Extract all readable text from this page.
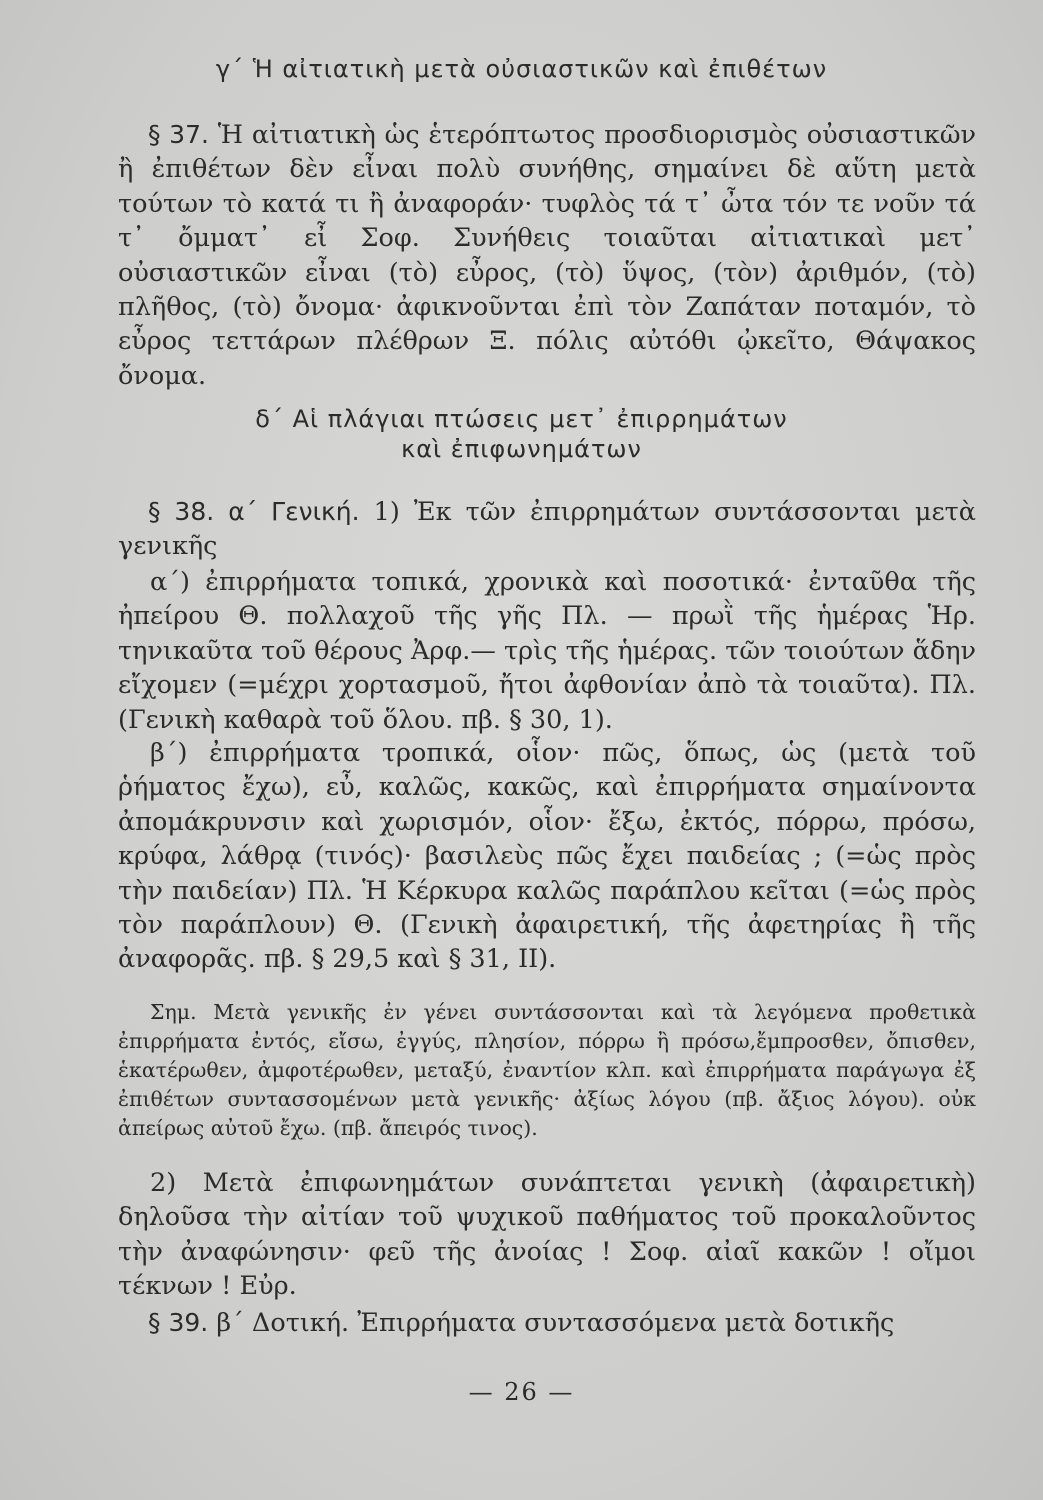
γ΄ Ἡ αἰτιατικὴ μετὰ οὐσιαστικῶν καὶ ἐπιθέτων
§ 37. Ἡ αἰτιατικὴ ὡς ἑτερόπτωτος προσδιορισμὸς οὐσιαστικῶν ἢ ἐπιθέτων δὲν εἶναι πολὺ συνήθης, σημαίνει δὲ αὕτη μετὰ τούτων τὸ κατά τι ἢ ἀναφοράν· τυφλὸς τά τ᾽ ὦτα τόν τε νοῦν τά τ᾽ ὄμματ᾽ εἶ Σοφ. Συνήθεις τοιαῦται αἰτιατικαὶ μετ᾽ οὐσιαστικῶν εἶναι (τὸ) εὖρος, (τὸ) ὕψος, (τὸν) ἀριθμόν, (τὸ) πλῆθος, (τὸ) ὄνομα· ἀφικνοῦνται ἐπὶ τὸν Ζαπάταν ποταμόν, τὸ εὖρος τεττάρων πλέθρων Ξ. πόλις αὐτόθι ᾠκεῖτο, Θάψακος ὄνομα.
δ΄ Αἱ πλάγιαι πτώσεις μετ᾽ ἐπιρρημάτων
καὶ ἐπιφωνημάτων
§ 38. α΄ Γενική. 1) Ἐκ τῶν ἐπιρρημάτων συντάσσονται μετὰ γενικῆς
α΄) ἐπιρρήματα τοπικά, χρονικὰ καὶ ποσοτικά· ἐνταῦθα τῆς ἠπείρου Θ. πολλαχοῦ τῆς γῆς Πλ. — πρωῒ τῆς ἡμέρας Ἡρ. τηνικαῦτα τοῦ θέρους Ἀρφ.— τρὶς τῆς ἡμέρας. τῶν τοιούτων ἅδην εἴχομεν (=μέχρι χορτασμοῦ, ἤτοι ἀφθονίαν ἀπὸ τὰ τοιαῦτα). Πλ. (Γενικὴ καθαρὰ τοῦ ὅλου. πβ. § 30, 1).
β΄) ἐπιρρήματα τροπικά, οἷον· πῶς, ὅπως, ὡς (μετὰ τοῦ ῥήματος ἔχω), εὖ, καλῶς, κακῶς, καὶ ἐπιρρήματα σημαίνοντα ἀπομάκρυνσιν καὶ χωρισμόν, οἷον· ἔξω, ἐκτός, πόρρω, πρόσω, κρύφα, λάθρᾳ (τινός)· βασιλεὺς πῶς ἔχει παιδείας ; (=ὡς πρὸς τὴν παιδείαν) Πλ. Ἡ Κέρκυρα καλῶς παράπλου κεῖται (=ὡς πρὸς τὸν παράπλουν) Θ. (Γενικὴ ἀφαιρετική, τῆς ἀφετηρίας ἢ τῆς ἀναφορᾶς. πβ. § 29,5 καὶ § 31, ΙΙ).
Σημ. Μετὰ γενικῆς ἐν γένει συντάσσονται καὶ τὰ λεγόμενα προθετικὰ ἐπιρρήματα ἐντός, εἴσω, ἐγγύς, πλησίον, πόρρω ἢ πρόσω,ἔμπροσθεν, ὄπισθεν, ἑκατέρωθεν, ἀμφοτέρωθεν, μεταξύ, ἐναντίον κλπ. καὶ ἐπιρρήματα παράγωγα ἐξ ἐπιθέτων συντασσομένων μετὰ γενικῆς· ἀξίως λόγου (πβ. ἄξιος λόγου). οὐκ ἀπείρως αὐτοῦ ἔχω. (πβ. ἄπειρός τινος).
2) Μετὰ ἐπιφωνημάτων συνάπτεται γενικὴ (ἀφαιρετικὴ) δηλοῦσα τὴν αἰτίαν τοῦ ψυχικοῦ παθήματος τοῦ προκαλοῦντος τὴν ἀναφώνησιν· φεῦ τῆς ἀνοίας ! Σοφ. αἰαῖ κακῶν ! οἴμοι τέκνων ! Εὐρ.
§ 39. β΄ Δοτική. Ἐπιρρήματα συντασσόμενα μετὰ δοτικῆς
— 26 —
